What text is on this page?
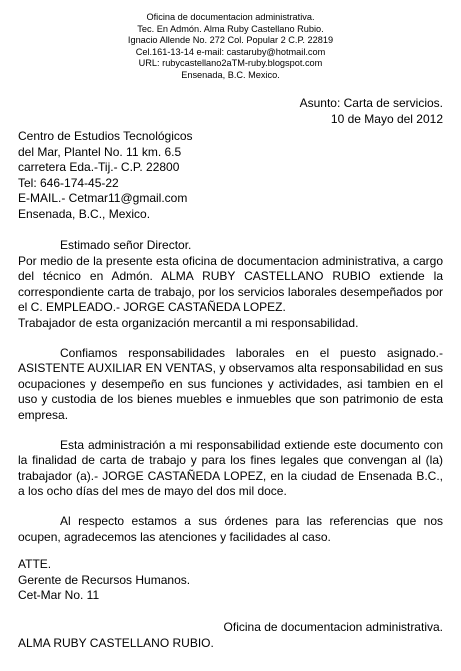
Oficina de documentacion administrativa.
Tec. En Admón. Alma Ruby Castellano Rubio.
Ignacio Allende No. 272 Col. Popular 2 C.P. 22819
Cel.161-13-14 e-mail: castaruby@hotmail.com
URL: rubycastellano2aTM-ruby.blogspot.com
Ensenada, B.C. Mexico.
Asunto: Carta de servicios.
10 de Mayo del 2012
Centro de Estudios Tecnológicos
del Mar, Plantel No. 11 km. 6.5
carretera Eda.-Tij.- C.P. 22800
Tel: 646-174-45-22
E-MAIL.- Cetmar11@gmail.com
Ensenada, B.C., Mexico.

Estimado señor Director.

Por medio de la presente esta oficina de documentacion administrativa, a cargo del técnico en Admón. ALMA RUBY CASTELLANO RUBIO extiende la correspondiente carta de trabajo, por los servicios laborales desempeñados por el C. EMPLEADO.- JORGE CASTAÑEDA LOPEZ.

Trabajador de esta organización mercantil a mi responsabilidad.

Confiamos responsabilidades laborales en el puesto asignado.- ASISTENTE AUXILIAR EN VENTAS, y observamos alta responsabilidad en sus ocupaciones y desempeño en sus funciones y actividades, asi tambien en el uso y custodia de los bienes muebles e inmuebles que son patrimonio de esta empresa.

Esta administración a mi responsabilidad extiende este documento con la finalidad de carta de trabajo y para los fines legales que convengan al (la) trabajador (a).- JORGE CASTAÑEDA LOPEZ, en la ciudad de Ensenada B.C., a los ocho días del mes de mayo del dos mil doce.

Al respecto estamos a sus órdenes para las referencias que nos ocupen, agradecemos las atenciones y facilidades al caso.

ATTE.
Gerente de Recursos Humanos.
Cet-Mar No. 11
Oficina de documentacion administrativa.
ALMA RUBY CASTELLANO RUBIO.
